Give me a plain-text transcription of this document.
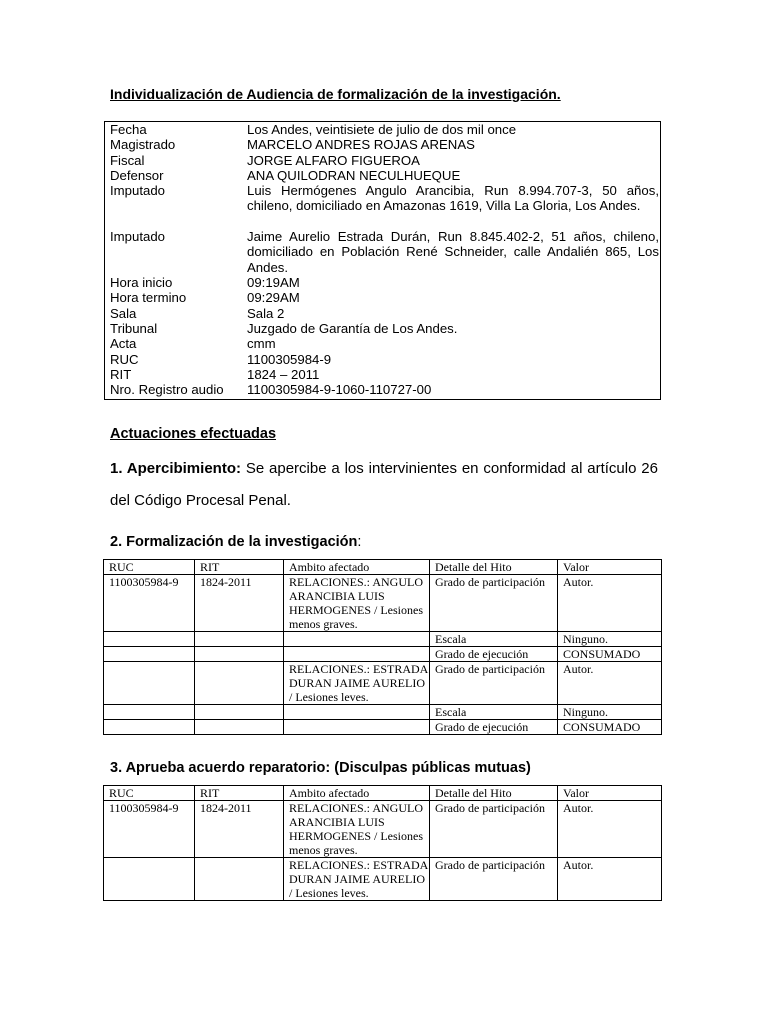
Individualización de Audiencia de formalización de la investigación.
Fecha	Los Andes, veintisiete de julio de dos mil once
Magistrado	MARCELO ANDRES ROJAS ARENAS
Fiscal	JORGE ALFARO FIGUEROA
Defensor	ANA QUILODRAN NECULHUEQUE
Imputado	Luis Hermógenes Angulo Arancibia, Run 8.994.707-3, 50 años, chileno, domiciliado en Amazonas 1619, Villa La Gloria, Los Andes.
Imputado	Jaime Aurelio Estrada Durán, Run 8.845.402-2, 51 años, chileno, domiciliado en Población René Schneider, calle Andalién 865, Los Andes.
Hora inicio	09:19AM
Hora termino	09:29AM
Sala	Sala 2
Tribunal	Juzgado de Garantía de Los Andes.
Acta	cmm
RUC	1100305984-9
RIT	1824 – 2011
Nro. Registro audio	1100305984-9-1060-110727-00
Actuaciones efectuadas
1. Apercibimiento: Se apercibe a los intervinientes en conformidad al artículo 26 del Código Procesal Penal.
2. Formalización de la investigación:
RUC	RIT	Ambito afectado	Detalle del Hito	Valor
1100305984-9	1824-2011	RELACIONES.: ANGULO ARANCIBIA LUIS HERMOGENES / Lesiones menos graves.	Grado de participación	Autor.
			Escala	Ninguno.
			Grado de ejecución	CONSUMADO
		RELACIONES.: ESTRADA DURAN JAIME AURELIO / Lesiones leves.	Grado de participación	Autor.
			Escala	Ninguno.
			Grado de ejecución	CONSUMADO
3. Aprueba acuerdo reparatorio: (Disculpas públicas mutuas)
RUC	RIT	Ambito afectado	Detalle del Hito	Valor
1100305984-9	1824-2011	RELACIONES.: ANGULO ARANCIBIA LUIS HERMOGENES / Lesiones menos graves.	Grado de participación	Autor.
		RELACIONES.: ESTRADA DURAN JAIME AURELIO / Lesiones leves.	Grado de participación	Autor.
